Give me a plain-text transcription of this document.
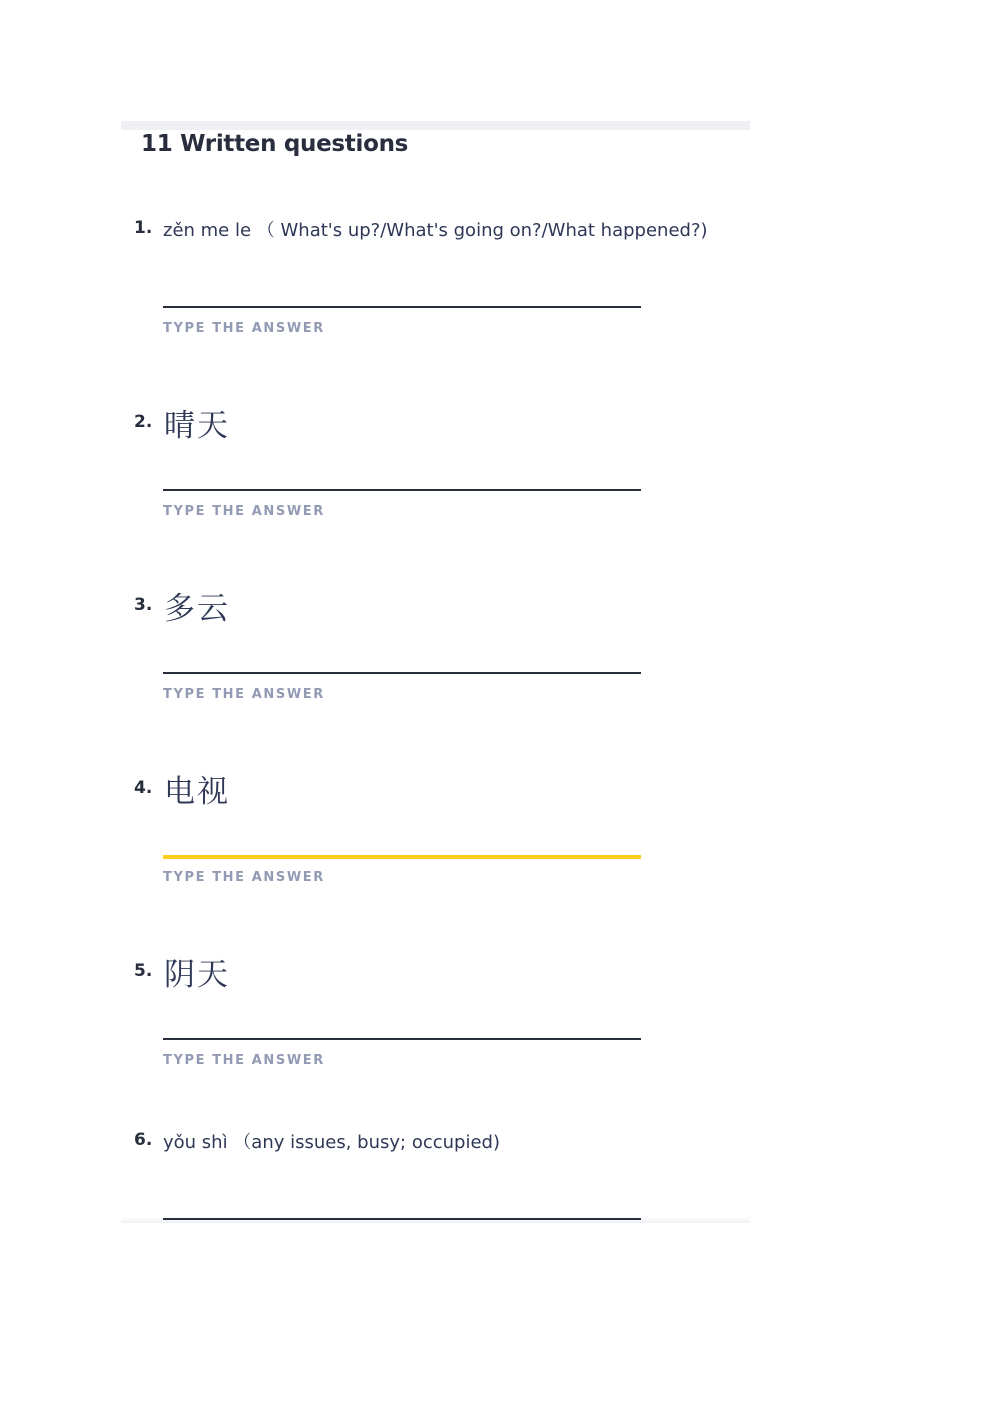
11 Written questions
1. zěn me le （ What's up?/What's going on?/What happened?)
TYPE THE ANSWER
2. 晴天
TYPE THE ANSWER
3. 多云
TYPE THE ANSWER
4. 电视
TYPE THE ANSWER
5. 阴天
TYPE THE ANSWER
6. yǒu shì （any issues, busy; occupied)
